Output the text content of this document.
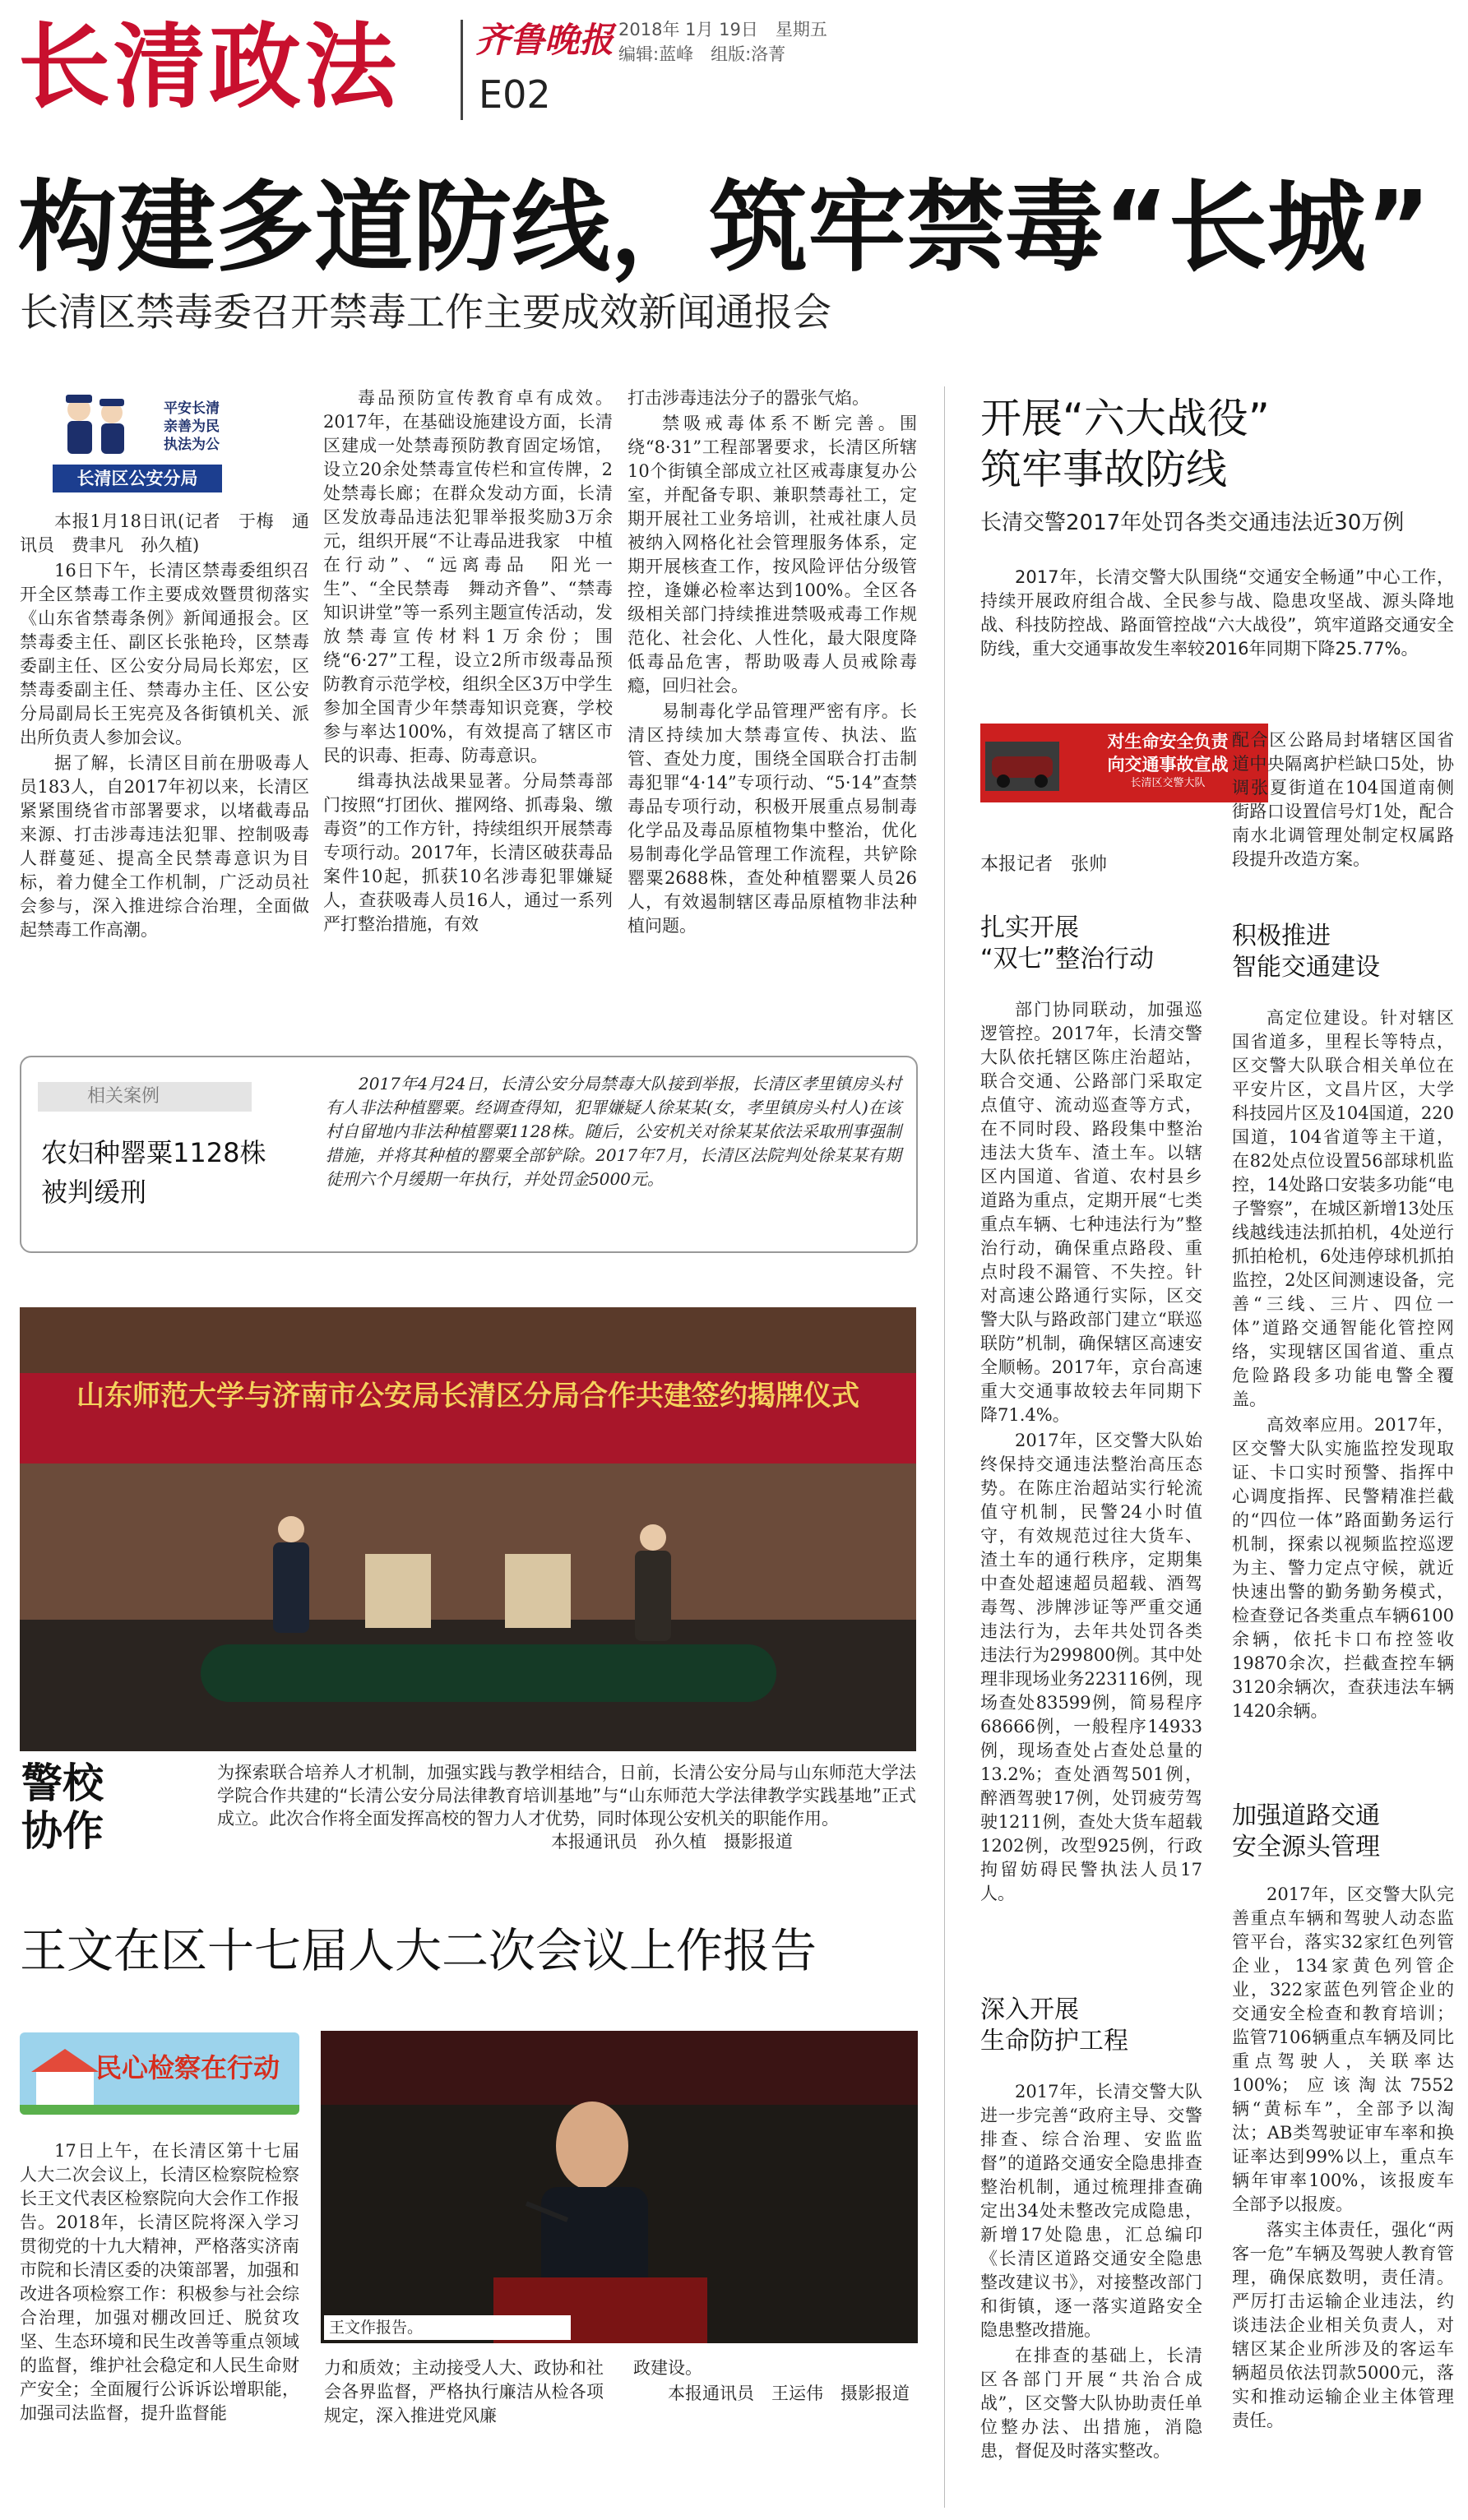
长清政法	齐鲁晚报 2018年 1月 19日　星期五
编辑:蓝峰　组版:洛菁
E02
构建多道防线，筑牢禁毒“长城”
长清区禁毒委召开禁毒工作主要成效新闻通报会
平安长清
亲善为民
执法为公
长清区公安分局

本报1月18日讯(记者　于梅　通讯员　费聿凡　孙久植)

16日下午，长清区禁毒委组织召开全区禁毒工作主要成效暨贯彻落实《山东省禁毒条例》新闻通报会。区禁毒委主任、副区长张艳玲，区禁毒委副主任、区公安分局局长郑宏，区禁毒委副主任、禁毒办主任、区公安分局副局长王宪亮及各街镇机关、派出所负责人参加会议。

据了解，长清区目前在册吸毒人员183人，自2017年初以来，长清区紧紧围绕省市部署要求，以堵截毒品来源、打击涉毒违法犯罪、控制吸毒人群蔓延、提高全民禁毒意识为目标，着力健全工作机制，广泛动员社会参与，深入推进综合治理，全面做起禁毒工作高潮。

毒品预防宣传教育卓有成效。2017年，在基础设施建设方面，长清区建成一处禁毒预防教育固定场馆，设立20余处禁毒宣传栏和宣传牌，2处禁毒长廊；在群众发动方面，长清区发放毒品违法犯罪举报奖励3万余元，组织开展“不让毒品进我家　中植在行动”、“远离毒品　阳光一生”、“全民禁毒　舞动齐鲁”、“禁毒知识讲堂”等一系列主题宣传活动，发放禁毒宣传材料1万余份；围绕“6·27”工程，设立2所市级毒品预防教育示范学校，组织全区3万中学生参加全国青少年禁毒知识竞赛，学校参与率达100%，有效提高了辖区市民的识毒、拒毒、防毒意识。

缉毒执法战果显著。分局禁毒部门按照“打团伙、摧网络、抓毒枭、缴毒资”的工作方针，持续组织开展禁毒专项行动。2017年，长清区破获毒品案件10起，抓获10名涉毒犯罪嫌疑人，查获吸毒人员16人，通过一系列严打整治措施，有效

打击涉毒违法分子的嚣张气焰。

禁吸戒毒体系不断完善。围绕“8·31”工程部署要求，长清区所辖10个街镇全部成立社区戒毒康复办公室，并配备专职、兼职禁毒社工，定期开展社工业务培训，社戒社康人员被纳入网格化社会管理服务体系，定期开展核查工作，按风险评估分级管控，逢嫌必检率达到100%。全区各级相关部门持续推进禁吸戒毒工作规范化、社会化、人性化，最大限度降低毒品危害，帮助吸毒人员戒除毒瘾，回归社会。

易制毒化学品管理严密有序。长清区持续加大禁毒宣传、执法、监管、查处力度，围绕全国联合打击制毒犯罪“4·14”专项行动、“5·14”查禁毒品专项行动，积极开展重点易制毒化学品及毒品原植物集中整治，优化易制毒化学品管理工作流程，共铲除罂粟2688株，查处种植罂粟人员26人，有效遏制辖区毒品原植物非法种植问题。

相关案例
农妇种罂粟1128株
被判缓刑
2017年4月24日，长清公安分局禁毒大队接到举报，长清区孝里镇房头村有人非法种植罂粟。经调查得知，犯罪嫌疑人徐某某(女，孝里镇房头村人)在该村自留地内非法种植罂粟1128株。随后，公安机关对徐某某依法采取刑事强制措施，并将其种植的罂粟全部铲除。2017年7月，长清区法院判处徐某某有期徒刑六个月缓期一年执行，并处罚金5000元。
山东师范大学与济南市公安局长清区分局合作共建签约揭牌仪式
警校
协作
为探索联合培养人才机制，加强实践与教学相结合，日前，长清公安分局与山东师范大学法学院合作共建的“长清公安分局法律教育培训基地”与“山东师范大学法律教学实践基地”正式成立。此次合作将全面发挥高校的智力人才优势，同时体现公安机关的职能作用。
本报通讯员　孙久植　摄影报道
王文在区十七届人大二次会议上作报告
民心检察在行动

17日上午，在长清区第十七届人大二次会议上，长清区检察院检察长王文代表区检察院向大会作工作报告。2018年，长清区院将深入学习贯彻党的十九大精神，严格落实济南市院和长清区委的决策部署，加强和改进各项检察工作：积极参与社会综合治理，加强对棚改回迁、脱贫攻坚、生态环境和民生改善等重点领域的监督，维护社会稳定和人民生命财产安全；全面履行公诉诉讼增职能，加强司法监督，提升监督能

王文作报告。

力和质效；主动接受人大、政协和社会各界监督，严格执行廉洁从检各项规定，深入推进党风廉

政建设。

本报通讯员　王运伟　摄影报道

开展“六大战役”
筑牢事故防线
长清交警2017年处罚各类交通违法近30万例
2017年，长清交警大队围绕“交通安全畅通”中心工作，持续开展政府组合战、全民参与战、隐患攻坚战、源头降地战、科技防控战、路面管控战“六大战役”，筑牢道路交通安全防线，重大交通事故发生率较2016年同期下降25.77%。
对生命安全负责
向交通事故宣战
长清区交警大队

配合区公路局封堵辖区国省道中央隔离护栏缺口5处，协调张夏街道在104国道南侧街路口设置信号灯1处，配合南水北调管理处制定权属路段提升改造方案。

本报记者　张帅
扎实开展
“双七”整治行动

部门协同联动，加强巡逻管控。2017年，长清交警大队依托辖区陈庄治超站，联合交通、公路部门采取定点值守、流动巡查等方式，在不同时段、路段集中整治违法大货车、渣土车。以辖区内国道、省道、农村县乡道路为重点，定期开展“七类重点车辆、七种违法行为”整治行动，确保重点路段、重点时段不漏管、不失控。针对高速公路通行实际，区交警大队与路政部门建立“联巡联防”机制，确保辖区高速安全顺畅。2017年，京台高速重大交通事故较去年同期下降71.4%。

2017年，区交警大队始终保持交通违法整治高压态势。在陈庄治超站实行轮流值守机制，民警24小时值守，有效规范过往大货车、渣土车的通行秩序，定期集中查处超速超员超载、酒驾毒驾、涉牌涉证等严重交通违法行为，去年共处罚各类违法行为299800例。其中处理非现场业务223116例，现场查处83599例，简易程序68666例，一般程序14933例，现场查处占查处总量的13.2%；查处酒驾501例，醉酒驾驶17例，处罚疲劳驾驶1211例，查处大货车超载1202例，改型925例，行政拘留妨碍民警执法人员17人。

深入开展
生命防护工程

2017年，长清交警大队进一步完善“政府主导、交警排查、综合治理、安监监督”的道路交通安全隐患排查整治机制，通过梳理排查确定出34处未整改完成隐患，新增17处隐患，汇总编印《长清区道路交通安全隐患整改建议书》，对接整改部门和街镇，逐一落实道路安全隐患整改措施。

在排查的基础上，长清区各部门开展“共治合成战”，区交警大队协助责任单位整办法、出措施，消隐患，督促及时落实整改。

积极推进
智能交通建设

高定位建设。针对辖区国省道多，里程长等特点，区交警大队联合相关单位在平安片区，文昌片区，大学科技园片区及104国道，220国道，104省道等主干道，在82处点位设置56部球机监控，14处路口安装多功能“电子警察”，在城区新增13处压线越线违法抓拍机，4处逆行抓拍枪机，6处违停球机抓拍监控，2处区间测速设备，完善“三线、三片、四位一体”道路交通智能化管控网络，实现辖区国省道、重点危险路段多功能电警全覆盖。

高效率应用。2017年，区交警大队实施监控发现取证、卡口实时预警、指挥中心调度指挥、民警精准拦截的“四位一体”路面勤务运行机制，探索以视频监控巡逻为主、警力定点守候，就近快速出警的勤务勤务模式，检查登记各类重点车辆6100余辆，依托卡口布控签收19870余次，拦截查控车辆3120余辆次，查获违法车辆1420余辆。

加强道路交通
安全源头管理

2017年，区交警大队完善重点车辆和驾驶人动态监管平台，落实32家红色列管企业，134家黄色列管企业，322家蓝色列管企业的交通安全检查和教育培训；监管7106辆重点车辆及同比重点驾驶人，关联率达100%；应该淘汰7552辆“黄标车”，全部予以淘汰；AB类驾驶证审车率和换证率达到99%以上，重点车辆年审率100%，该报废车全部予以报废。

落实主体责任，强化“两客一危”车辆及驾驶人教育管理，确保底数明，责任清。严厉打击运输企业违法，约谈违法企业相关负责人，对辖区某企业所涉及的客运车辆超员依法罚款5000元，落实和推动运输企业主体管理责任。
